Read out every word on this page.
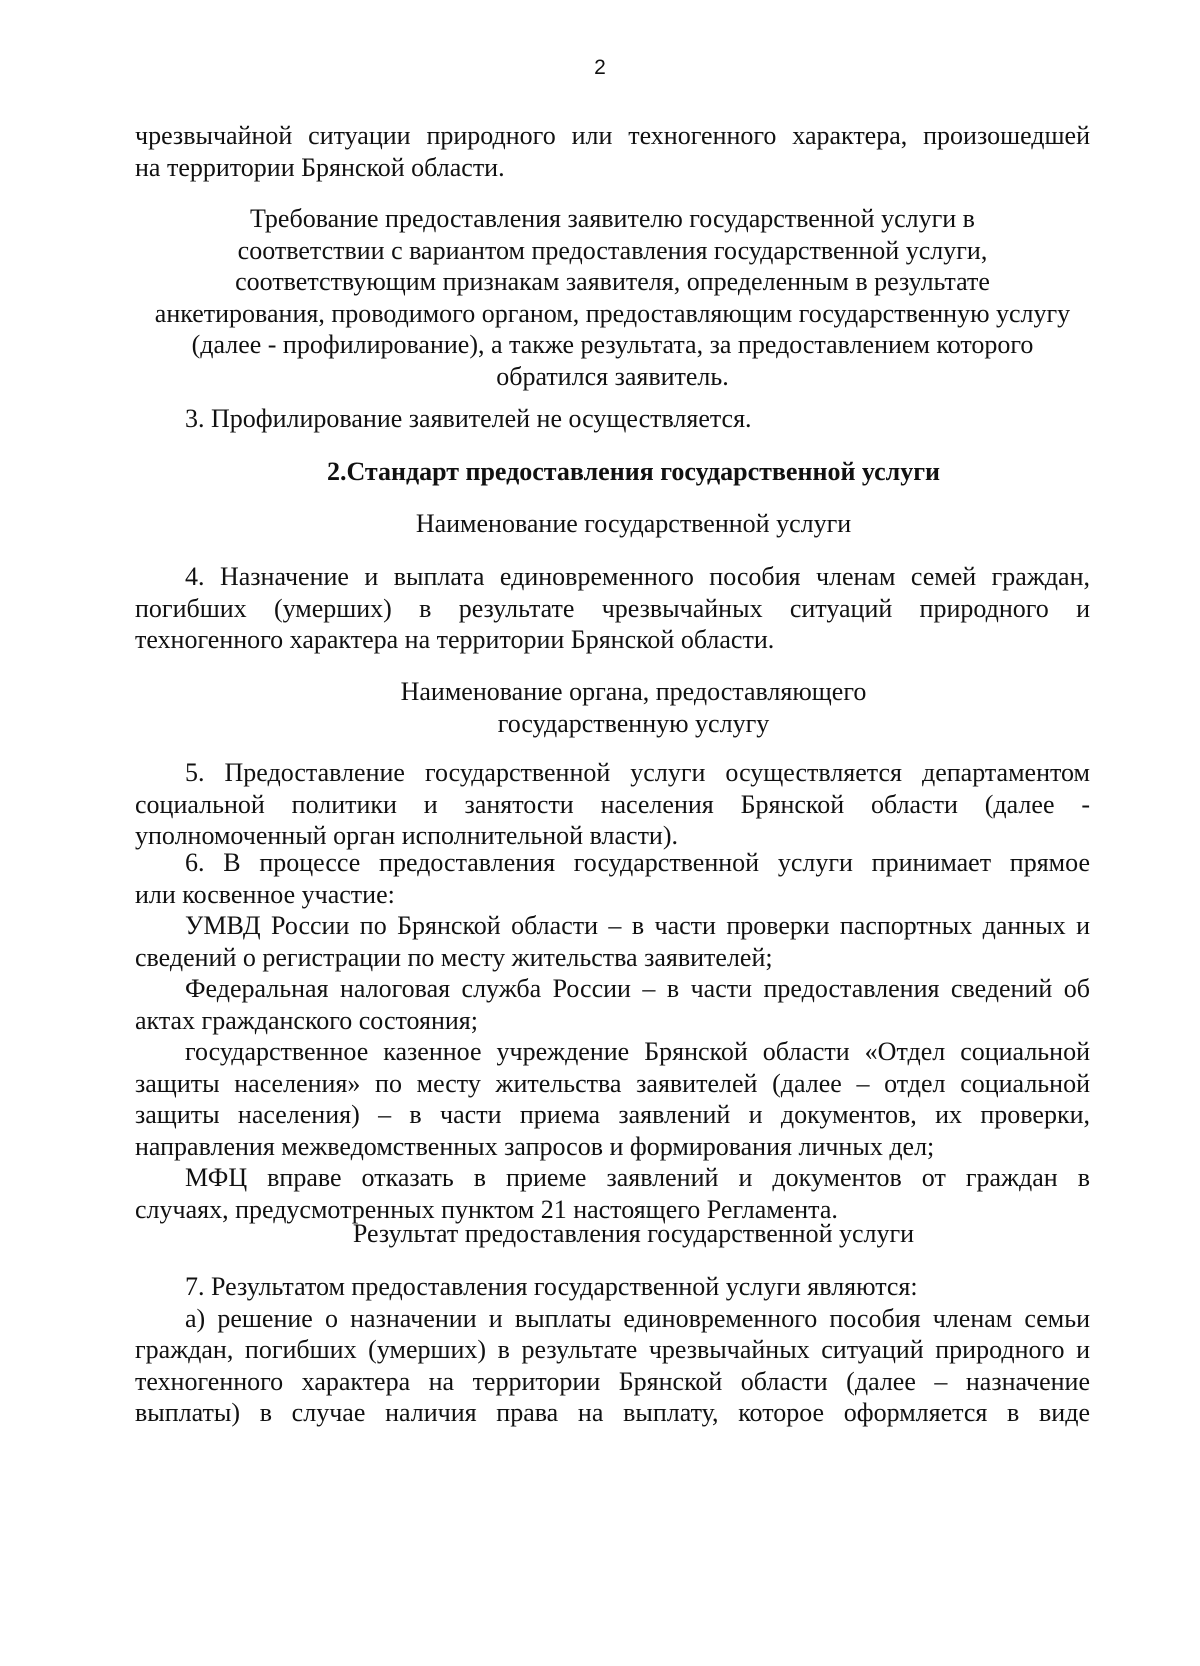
2
чрезвычайной ситуации природного или техногенного характера, произошедшей
на территории Брянской области.
Требование предоставления заявителю государственной услуги в
соответствии с вариантом предоставления государственной услуги,
соответствующим признакам заявителя, определенным в результате
анкетирования, проводимого органом, предоставляющим государственную услугу
(далее - профилирование), а также результата, за предоставлением которого
обратился заявитель.
3. Профилирование заявителей не осуществляется.
2.Стандарт предоставления государственной услуги
Наименование государственной услуги
4. Назначение и выплата единовременного пособия членам семей граждан,
погибших (умерших) в результате чрезвычайных ситуаций природного и
техногенного характера на территории Брянской области.
Наименование органа, предоставляющего
государственную услугу
5. Предоставление государственной услуги осуществляется департаментом
социальной политики и занятости населения Брянской области (далее -
уполномоченный орган исполнительной власти).
6. В процессе предоставления государственной услуги принимает прямое
или косвенное участие:
УМВД России по Брянской области – в части проверки паспортных данных и
сведений о регистрации по месту жительства заявителей;
Федеральная налоговая служба России – в части предоставления сведений об
актах гражданского состояния;
государственное казенное учреждение Брянской области «Отдел социальной
защиты населения» по месту жительства заявителей (далее – отдел социальной
защиты населения) – в части приема заявлений и документов, их проверки,
направления межведомственных запросов и формирования личных дел;
МФЦ вправе отказать в приеме заявлений и документов от граждан в
случаях, предусмотренных пунктом 21 настоящего Регламента.
Результат предоставления государственной услуги
7. Результатом предоставления государственной услуги являются:
а) решение о назначении и выплаты единовременного пособия членам семьи
граждан, погибших (умерших) в результате чрезвычайных ситуаций природного и
техногенного характера на территории Брянской области (далее – назначение
выплаты) в случае наличия права на выплату, которое оформляется в виде
